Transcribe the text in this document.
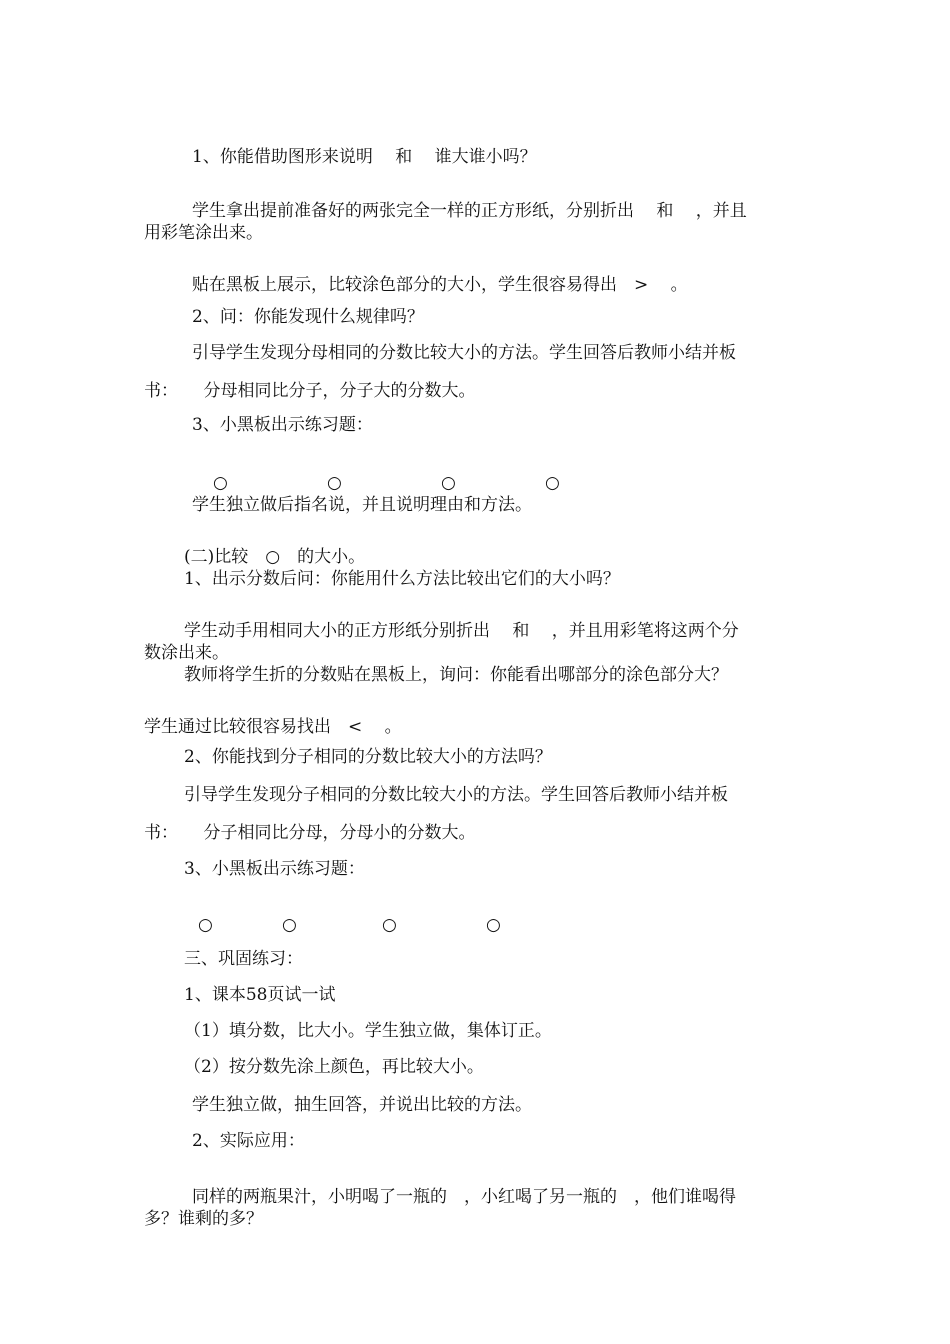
1、你能借助图形来说明　 和　 谁大谁小吗？
学生拿出提前准备好的两张完全一样的正方形纸，分别折出　 和　 ，并且
用彩笔涂出来。
贴在黑板上展示，比较涂色部分的大小，学生很容易得出　>　 。
2、问：你能发现什么规律吗？
引导学生发现分母相同的分数比较大小的方法。学生回答后教师小结并板
书：　　分母相同比分子，分子大的分数大。
3、小黑板出示练习题：
○	○	○	○
学生独立做后指名说，并且说明理由和方法。
(二)比较　○　的大小。
1、出示分数后问：你能用什么方法比较出它们的大小吗？
学生动手用相同大小的正方形纸分别折出　 和　 ，并且用彩笔将这两个分
数涂出来。
教师将学生折的分数贴在黑板上，询问：你能看出哪部分的涂色部分大？
学生通过比较很容易找出　<　 。
2、你能找到分子相同的分数比较大小的方法吗？
引导学生发现分子相同的分数比较大小的方法。学生回答后教师小结并板
书：　　分子相同比分母，分母小的分数大。
3、小黑板出示练习题：
○	○	○	○
三、巩固练习：
1、课本58页试一试
（1）填分数，比大小。学生独立做，集体订正。
（2）按分数先涂上颜色，再比较大小。
学生独立做，抽生回答，并说出比较的方法。
2、实际应用：
同样的两瓶果汁，小明喝了一瓶的　，小红喝了另一瓶的　，他们谁喝得
多？谁剩的多？
